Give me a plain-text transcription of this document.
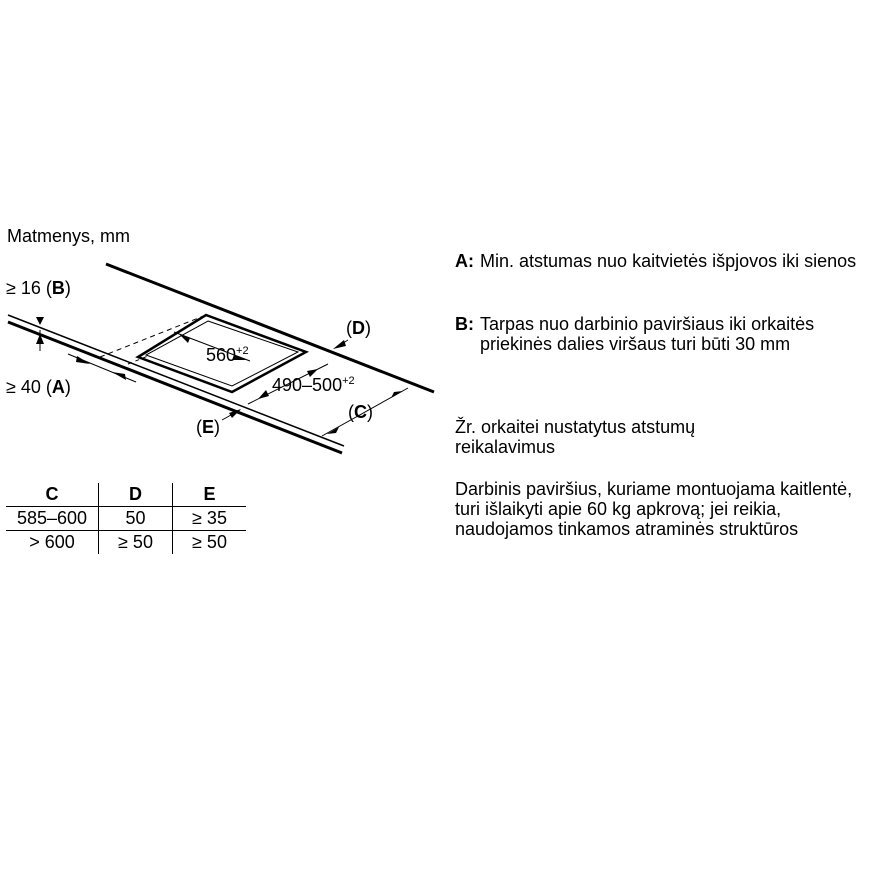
Matmenys, mm
≥ 16 (B)
≥ 40 (A)
(D)
(C)
(E)
$560^{+2}$
$490-500^{+2}$
C	D	E
585–600	50	≥ 35
> 600	≥ 50	≥ 50
A: Min. atstumas nuo kaitvietės išpjovos iki sienos
B: Tarpas nuo darbinio paviršiaus iki orkaitės priekinės dalies viršaus turi būti 30 mm
Žr. orkaitei nustatytus atstumų reikalavimus
Darbinis paviršius, kuriame montuojama kaitlentė, turi išlaikyti apie 60 kg apkrovą; jei reikia, naudojamos tinkamos atraminės struktūros
